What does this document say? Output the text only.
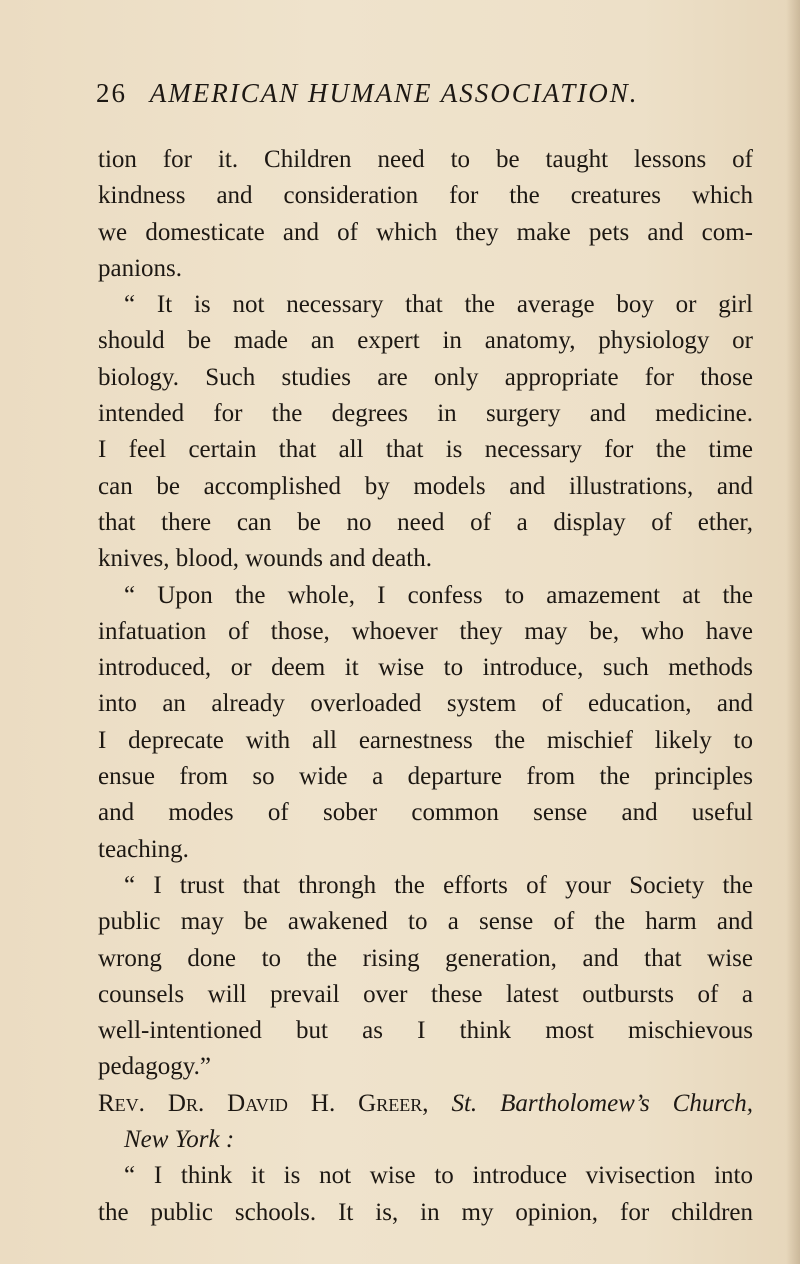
26 AMERICAN HUMANE ASSOCIATION.
tion for it. Children need to be taught lessons of
kindness and consideration for the creatures which
we domesticate and of which they make pets and com-
panions.
“ It is not necessary that the average boy or girl
should be made an expert in anatomy, physiology or
biology. Such studies are only appropriate for those
intended for the degrees in surgery and medicine.
I feel certain that all that is necessary for the time
can be accomplished by models and illustrations, and
that there can be no need of a display of ether,
knives, blood, wounds and death.
“ Upon the whole, I confess to amazement at the
infatuation of those, whoever they may be, who have
introduced, or deem it wise to introduce, such methods
into an already overloaded system of education, and
I deprecate with all earnestness the mischief likely to
ensue from so wide a departure from the principles
and modes of sober common sense and useful
teaching.
“ I trust that throngh the efforts of your Society the
public may be awakened to a sense of the harm and
wrong done to the rising generation, and that wise
counsels will prevail over these latest outbursts of a
well-intentioned but as I think most mischievous
pedagogy.”
Rev. Dr. David H. Greer, St. Bartholomew’s Church,
New York :
“ I think it is not wise to introduce vivisection into
the public schools. It is, in my opinion, for children
